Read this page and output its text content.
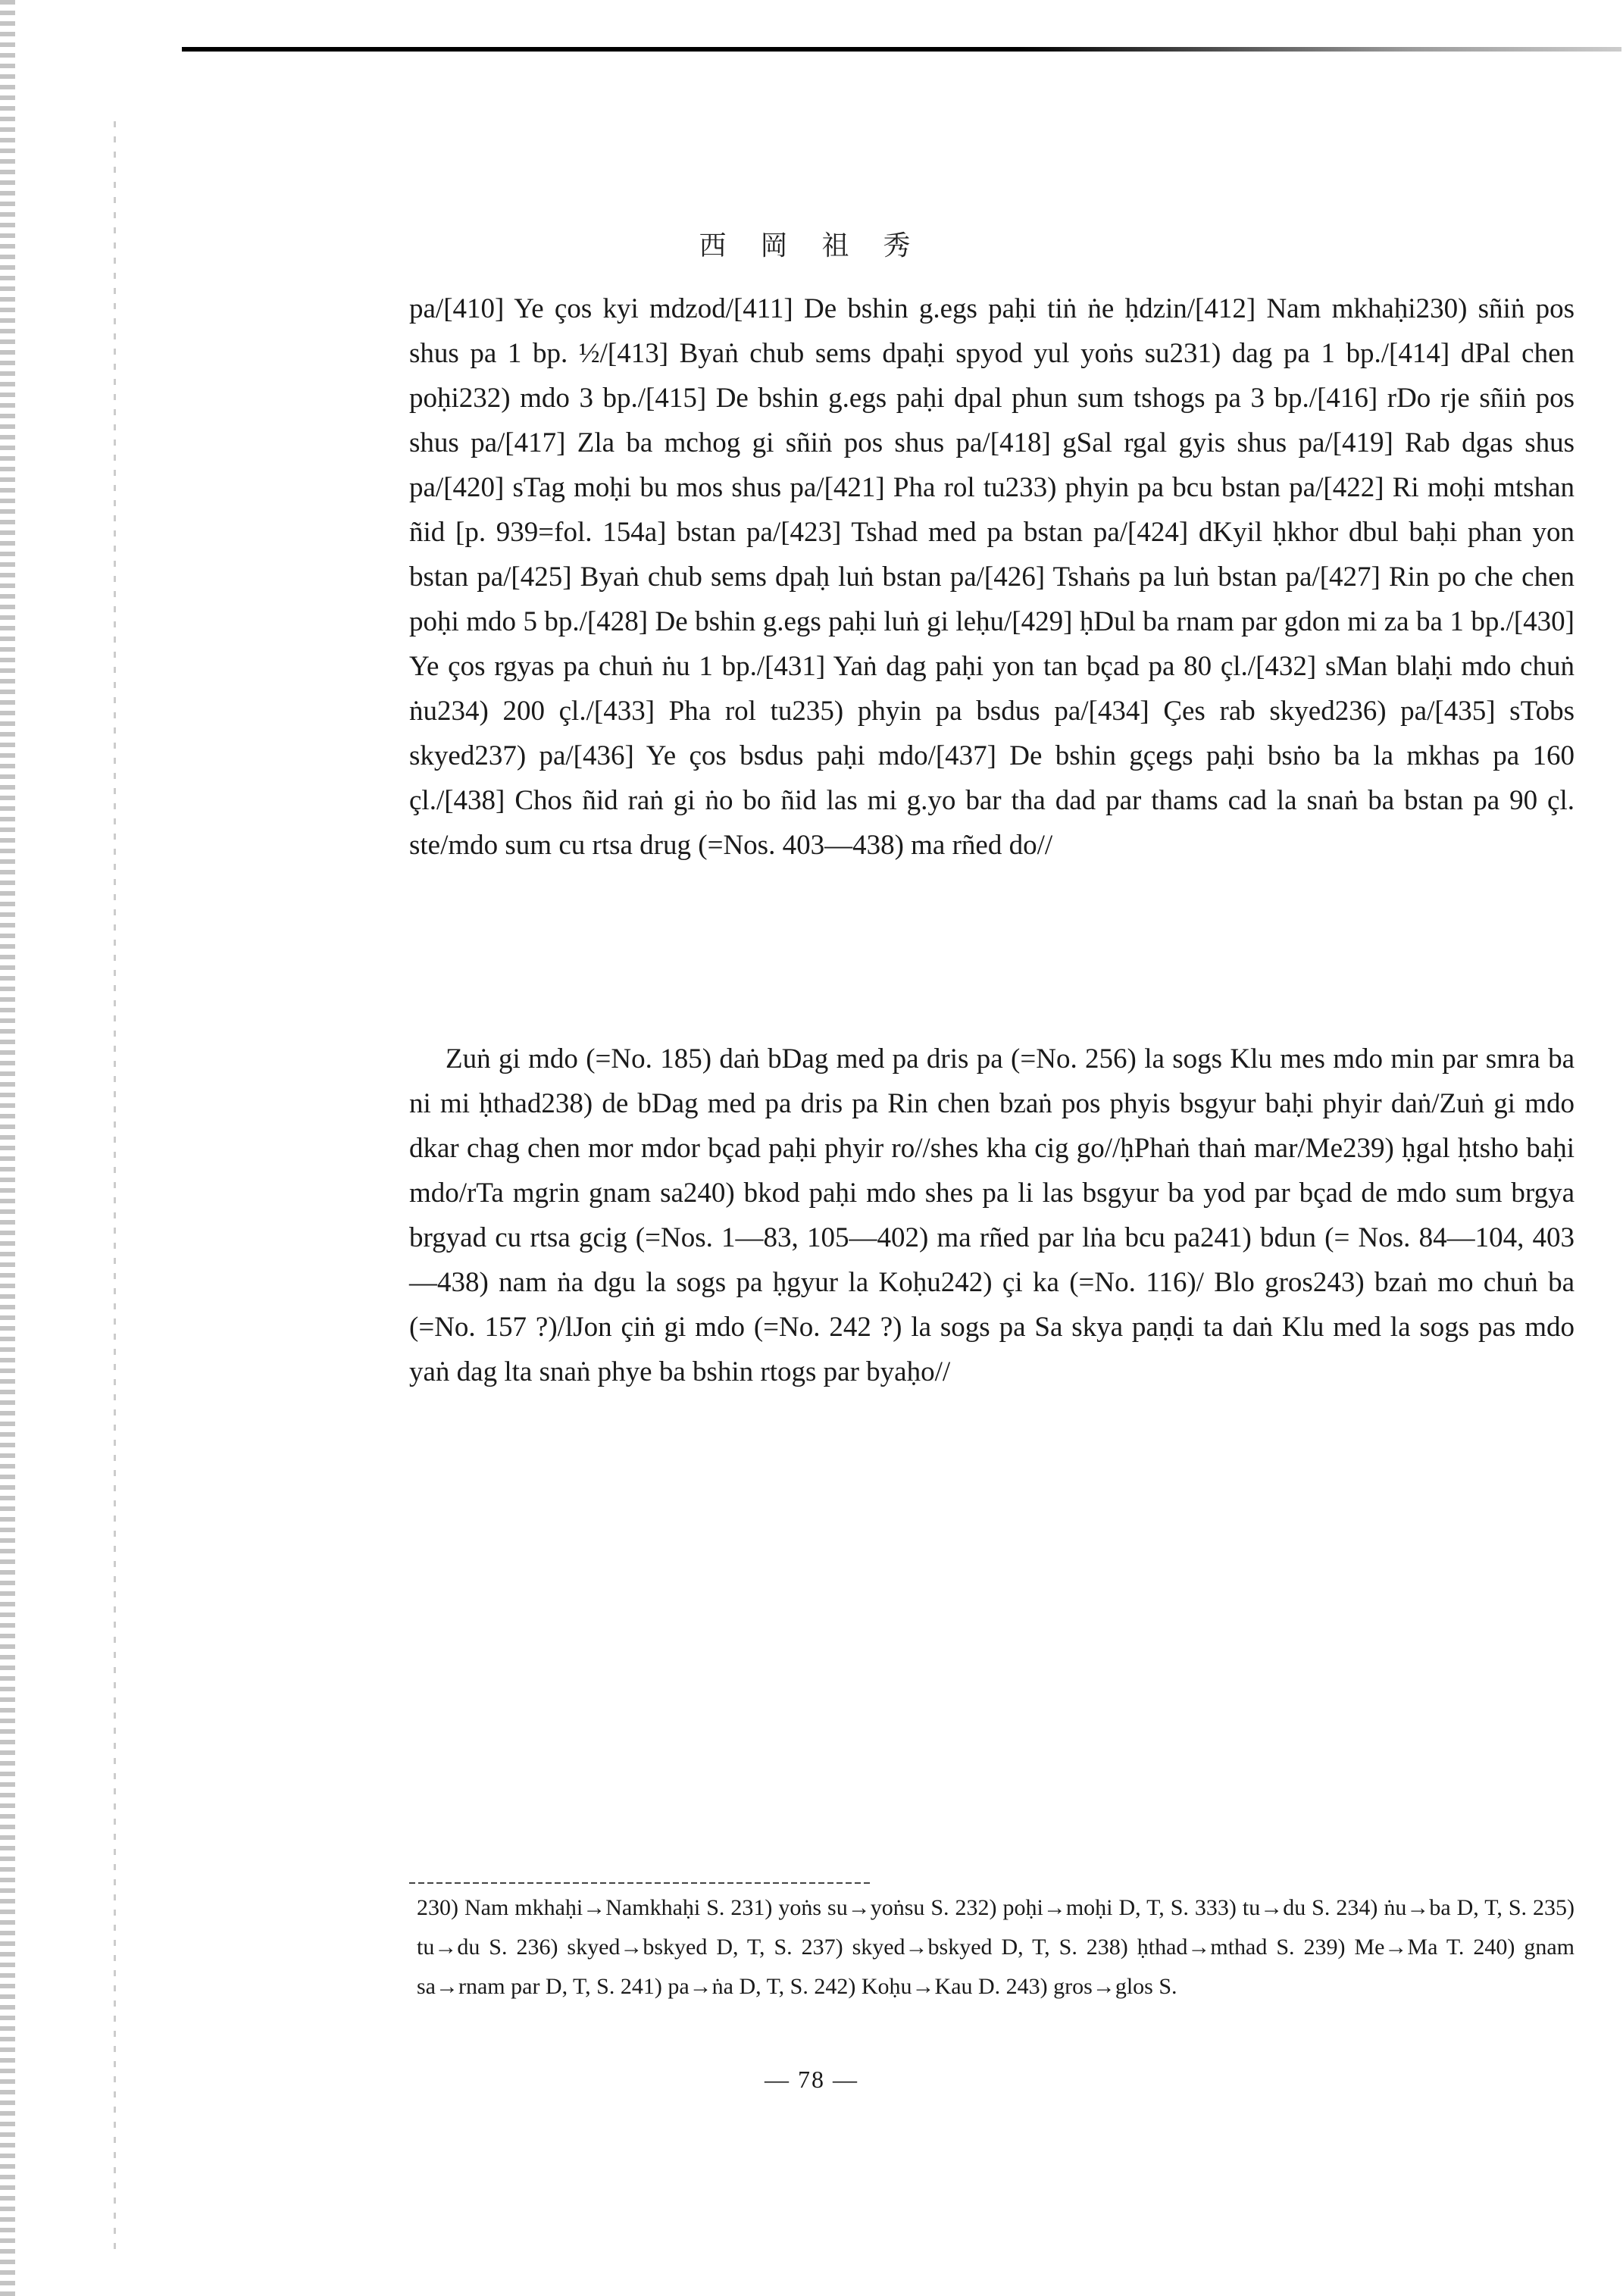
西 岡 祖 秀

pa/[410] Ye ços kyi mdzod/[411] De bshin g.egs paḥi tiṅ ṅe ḥdzin/[412] Nam mkhaḥi230) sñiṅ pos shus pa 1 bp. ½/[413] Byaṅ chub sems dpaḥi spyod yul yoṅs su231) dag pa 1 bp./[414] dPal chen poḥi232) mdo 3 bp./[415] De bshin g.egs paḥi dpal phun sum tshogs pa 3 bp./[416] rDo rje sñiṅ pos shus pa/[417] Zla ba mchog gi sñiṅ pos shus pa/[418] gSal rgal gyis shus pa/[419] Rab dgas shus pa/[420] sTag moḥi bu mos shus pa/[421] Pha rol tu233) phyin pa bcu bstan pa/[422] Ri moḥi mtshan ñid [p. 939=fol. 154a] bstan pa/[423] Tshad med pa bstan pa/[424] dKyil ḥkhor dbul baḥi phan yon bstan pa/[425] Byaṅ chub sems dpaḥ luṅ bstan pa/[426] Tshaṅs pa luṅ bstan pa/[427] Rin po che chen poḥi mdo 5 bp./[428] De bshin g.egs paḥi luṅ gi leḥu/[429] ḥDul ba rnam par gdon mi za ba 1 bp./[430] Ye ços rgyas pa chuṅ ṅu 1 bp./[431] Yaṅ dag paḥi yon tan bçad pa 80 çl./[432] sMan blaḥi mdo chuṅ ṅu234) 200 çl./[433] Pha rol tu235) phyin pa bsdus pa/[434] Çes rab skyed236) pa/[435] sTobs skyed237) pa/[436] Ye ços bsdus paḥi mdo/[437] De bshin gçegs paḥi bsṅo ba la mkhas pa 160 çl./[438] Chos ñid raṅ gi ṅo bo ñid las mi g.yo bar tha dad par thams cad la snaṅ ba bstan pa 90 çl. ste/mdo sum cu rtsa drug (=Nos. 403—438) ma rñed do//

Zuṅ gi mdo (=No. 185) daṅ bDag med pa dris pa (=No. 256) la sogs Klu mes mdo min par smra ba ni mi ḥthad238) de bDag med pa dris pa Rin chen bzaṅ pos phyis bsgyur baḥi phyir daṅ/Zuṅ gi mdo dkar chag chen mor mdor bçad paḥi phyir ro//shes kha cig go//ḥPhaṅ thaṅ mar/Me239) ḥgal ḥtsho baḥi mdo/rTa mgrin gnam sa240) bkod paḥi mdo shes pa li las bsgyur ba yod par bçad de mdo sum brgya brgyad cu rtsa gcig (=Nos. 1—83, 105—402) ma rñed par lṅa bcu pa241) bdun (= Nos. 84—104, 403—438) nam ṅa dgu la sogs pa ḥgyur la Koḥu242) çi ka (=No. 116)/ Blo gros243) bzaṅ mo chuṅ ba (=No. 157 ?)/lJon çiṅ gi mdo (=No. 242 ?) la sogs pa Sa skya paṇḍi ta daṅ Klu med la sogs pas mdo yaṅ dag lta snaṅ phye ba bshin rtogs par byaḥo//

230) Nam mkhaḥi→Namkhaḥi S. 231) yoṅs su→yoṅsu S. 232) poḥi→moḥi D, T, S. 333) tu→du S. 234) ṅu→ba D, T, S. 235) tu→du S. 236) skyed→bskyed D, T, S. 237) skyed→bskyed D, T, S. 238) ḥthad→mthad S. 239) Me→Ma T. 240) gnam sa→rnam par D, T, S. 241) pa→ṅa D, T, S. 242) Koḥu→Kau D. 243) gros→glos S.
— 78 —
